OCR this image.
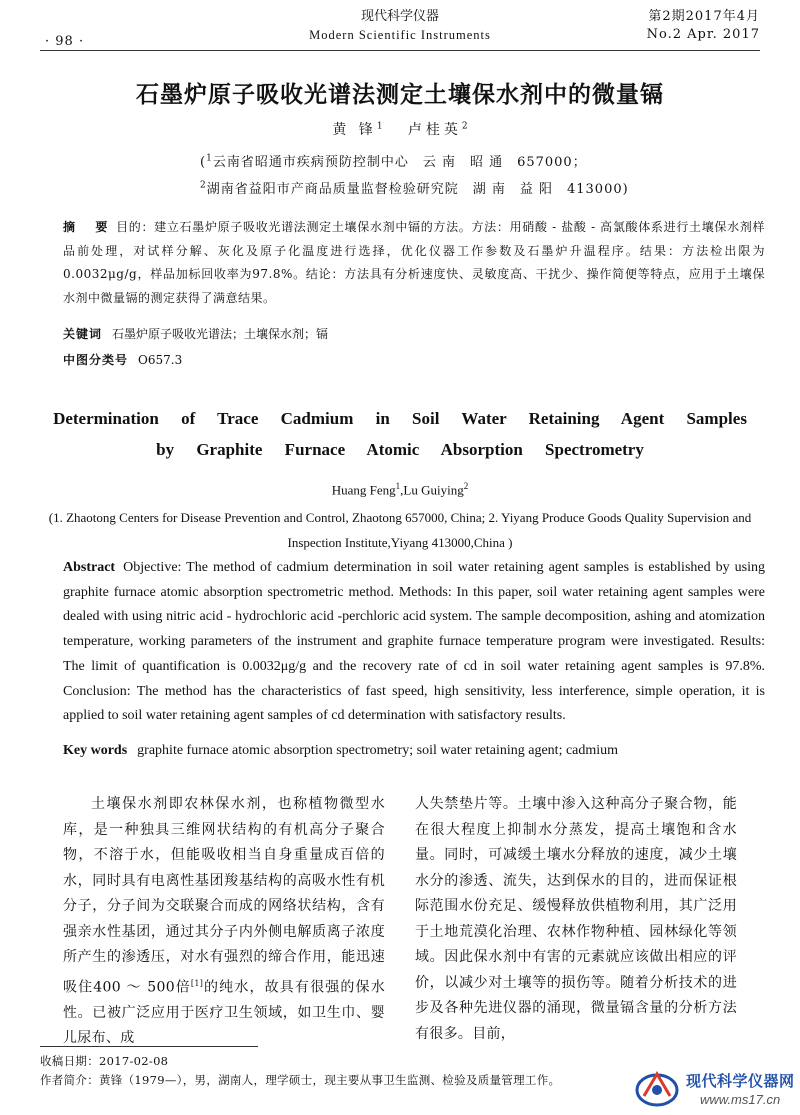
· 98 ·
现代科学仪器
Modern Scientific Instruments
第2期2017年4月
No.2 Apr. 2017
石墨炉原子吸收光谱法测定土壤保水剂中的微量镉
黄 锋$^1$ 卢桂英$^2$
($^1$云南省昭通市疾病预防控制中心　云 南　昭 通　657000；
$^2$湖南省益阳市产商品质量监督检验研究院　湖 南　益 阳　413000)
摘　要 目的：建立石墨炉原子吸收光谱法测定土壤保水剂中镉的方法。方法：用硝酸 - 盐酸 - 高氯酸体系进行土壤保水剂样品前处理，对试样分解、灰化及原子化温度进行选择，优化仪器工作参数及石墨炉升温程序。结果：方法检出限为0.0032μg/g，样品加标回收率为97.8%。结论：方法具有分析速度快、灵敏度高、干扰少、操作简便等特点，应用于土壤保水剂中微量镉的测定获得了满意结果。
关键词 石墨炉原子吸收光谱法；土壤保水剂；镉
中图分类号 O657.3
Determination of Trace Cadmium in Soil Water Retaining Agent Samples by Graphite Furnace Atomic Absorption Spectrometry
Huang Feng$^1$,Lu Guiying$^2$
(1. Zhaotong Centers for Disease Prevention and Control, Zhaotong 657000, China; 2. Yiyang Produce Goods Quality Supervision and Inspection Institute,Yiyang 413000,China )
Abstract Objective: The method of cadmium determination in soil water retaining agent samples is established by using graphite furnace atomic absorption spectrometric method. Methods: In this paper, soil water retaining agent samples were dealed with using nitric acid - hydrochloric acid -perchloric acid system. The sample decomposition, ashing and atomization temperature, working parameters of the instrument and graphite furnace temperature program were investigated. Results: The limit of quantification is 0.0032μg/g and the recovery rate of cd in soil water retaining agent samples is 97.8%. Conclusion: The method has the characteristics of fast speed, high sensitivity, less interference, simple operation, it is applied to soil water retaining agent samples of cd determination with satisfactory results.
Key words graphite furnace atomic absorption spectrometry; soil water retaining agent; cadmium
土壤保水剂即农林保水剂，也称植物微型水库，是一种独具三维网状结构的有机高分子聚合物，不溶于水，但能吸收相当自身重量成百倍的水，同时具有电离性基团羧基结构的高吸水性有机分子，分子间为交联聚合而成的网络状结构，含有强亲水性基团，通过其分子内外侧电解质离子浓度所产生的渗透压，对水有强烈的缔合作用，能迅速吸住400 ～ 500倍[1]的纯水，故具有很强的保水性。已被广泛应用于医疗卫生领域，如卫生巾、婴儿尿布、成
人失禁垫片等。土壤中渗入这种高分子聚合物，能在很大程度上抑制水分蒸发，提高土壤饱和含水量。同时，可减缓土壤水分释放的速度，减少土壤水分的渗透、流失，达到保水的目的，进而保证根际范围水份充足、缓慢释放供植物利用，其广泛用于土地荒漠化治理、农林作物种植、园林绿化等领域。因此保水剂中有害的元素就应该做出相应的评价，以减少对土壤等的损伤等。随着分析技术的进步及各种先进仪器的涌现，微量镉含量的分析方法有很多。目前，
收稿日期：2017-02-08
作者简介：黄锋（1979—），男，湖南人，理学硕士，现主要从事卫生监测、检验及质量管理工作。	现代科学仪器网
www.ms17.cn
